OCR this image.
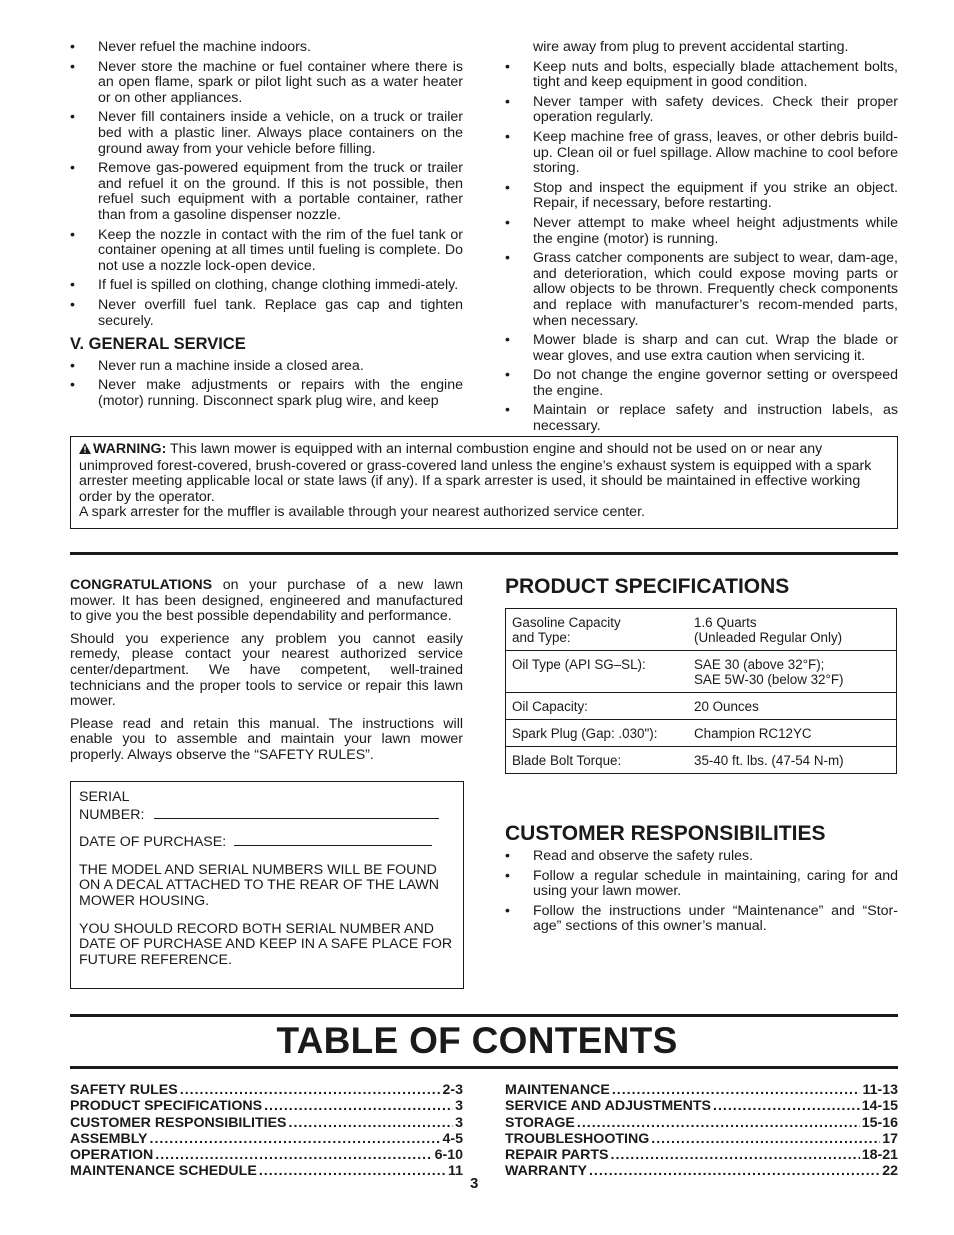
• Never refuel the machine indoors.
• Never store the machine or fuel container where there is an open flame, spark or pilot light such as a water heater or on other appliances.
• Never fill containers inside a vehicle, on a truck or trailer bed with a plastic liner. Always place containers on the ground away from your vehicle before filling.
• Remove gas-powered equipment from the truck or trailer and refuel it on the ground. If this is not possible, then refuel such equipment with a portable container, rather than from a gasoline dispenser nozzle.
• Keep the nozzle in contact with the rim of the fuel tank or container opening at all times until fueling is complete. Do not use a nozzle lock-open device.
• If fuel is spilled on clothing, change clothing immedi-ately.
• Never overfill fuel tank. Replace gas cap and tighten securely.
V. GENERAL SERVICE
• Never run a machine inside a closed area.
• Never make adjustments or repairs with the engine (motor) running. Disconnect spark plug wire, and keep
wire away from plug to prevent accidental starting.
• Keep nuts and bolts, especially blade attachement bolts, tight and keep equipment in good condition.
• Never tamper with safety devices. Check their proper operation regularly.
• Keep machine free of grass, leaves, or other debris build-up. Clean oil or fuel spillage. Allow machine to cool before storing.
• Stop and inspect the equipment if you strike an object. Repair, if necessary, before restarting.
• Never attempt to make wheel height adjustments while the engine (motor) is running.
• Grass catcher components are subject to wear, dam-age, and deterioration, which could expose moving parts or allow objects to be thrown. Frequently check components and replace with manufacturer’s recom-mended parts, when necessary.
• Mower blade is sharp and can cut. Wrap the blade or wear gloves, and use extra caution when servicing it.
• Do not change the engine governor setting or overspeed the engine.
• Maintain or replace safety and instruction labels, as necessary.

WARNING: This lawn mower is equipped with an internal combustion engine and should not be used on or near any unimproved forest-covered, brush-covered or grass-covered land unless the engine’s exhaust system is equipped with a spark arrester meeting applicable local or state laws (if any). If a spark arrester is used, it should be maintained in effective working order by the operator.

A spark arrester for the muffler is available through your nearest authorized service center.

CONGRATULATIONS on your purchase of a new lawn mower. It has been designed, engineered and manufactured to give you the best possible dependability and performance.

Should you experience any problem you cannot easily remedy, please contact your nearest authorized service center/department. We have competent, well-trained technicians and the proper tools to service or repair this lawn mower.

Please read and retain this manual. The instructions will enable you to assemble and maintain your lawn mower properly. Always observe the “SAFETY RULES”.

SERIAL
NUMBER:

DATE OF PURCHASE:

THE MODEL AND SERIAL NUMBERS WILL BE FOUND ON A DECAL ATTACHED TO THE REAR OF THE LAWN MOWER HOUSING.

YOU SHOULD RECORD BOTH SERIAL NUMBER AND DATE OF PURCHASE AND KEEP IN A SAFE PLACE FOR FUTURE REFERENCE.

PRODUCT SPECIFICATIONS
Gasoline Capacity
and Type:	1.6 Quarts
(Unleaded Regular Only)
Oil Type (API SG–SL):	SAE 30 (above 32°F);
SAE 5W-30 (below 32°F)
Oil Capacity:	20 Ounces
Spark Plug (Gap: .030"):	Champion RC12YC
Blade Bolt Torque:	35-40 ft. lbs. (47-54 N-m)
CUSTOMER RESPONSIBILITIES
• Read and observe the safety rules.
• Follow a regular schedule in maintaining, caring for and using your lawn mower.
• Follow the instructions under “Maintenance” and “Stor-age” sections of this owner’s manual.
TABLE OF CONTENTS
SAFETY RULES .....	2-3
PRODUCT SPECIFICATIONS .....	3
CUSTOMER RESPONSIBILITIES .....	3
ASSEMBLY .....	4-5
OPERATION .....	6-10
MAINTENANCE SCHEDULE .....	11
MAINTENANCE .....	11-13
SERVICE AND ADJUSTMENTS .....	14-15
STORAGE .....	15-16
TROUBLESHOOTING .....	17
REPAIR PARTS .....	18-21
WARRANTY .....	22
3
